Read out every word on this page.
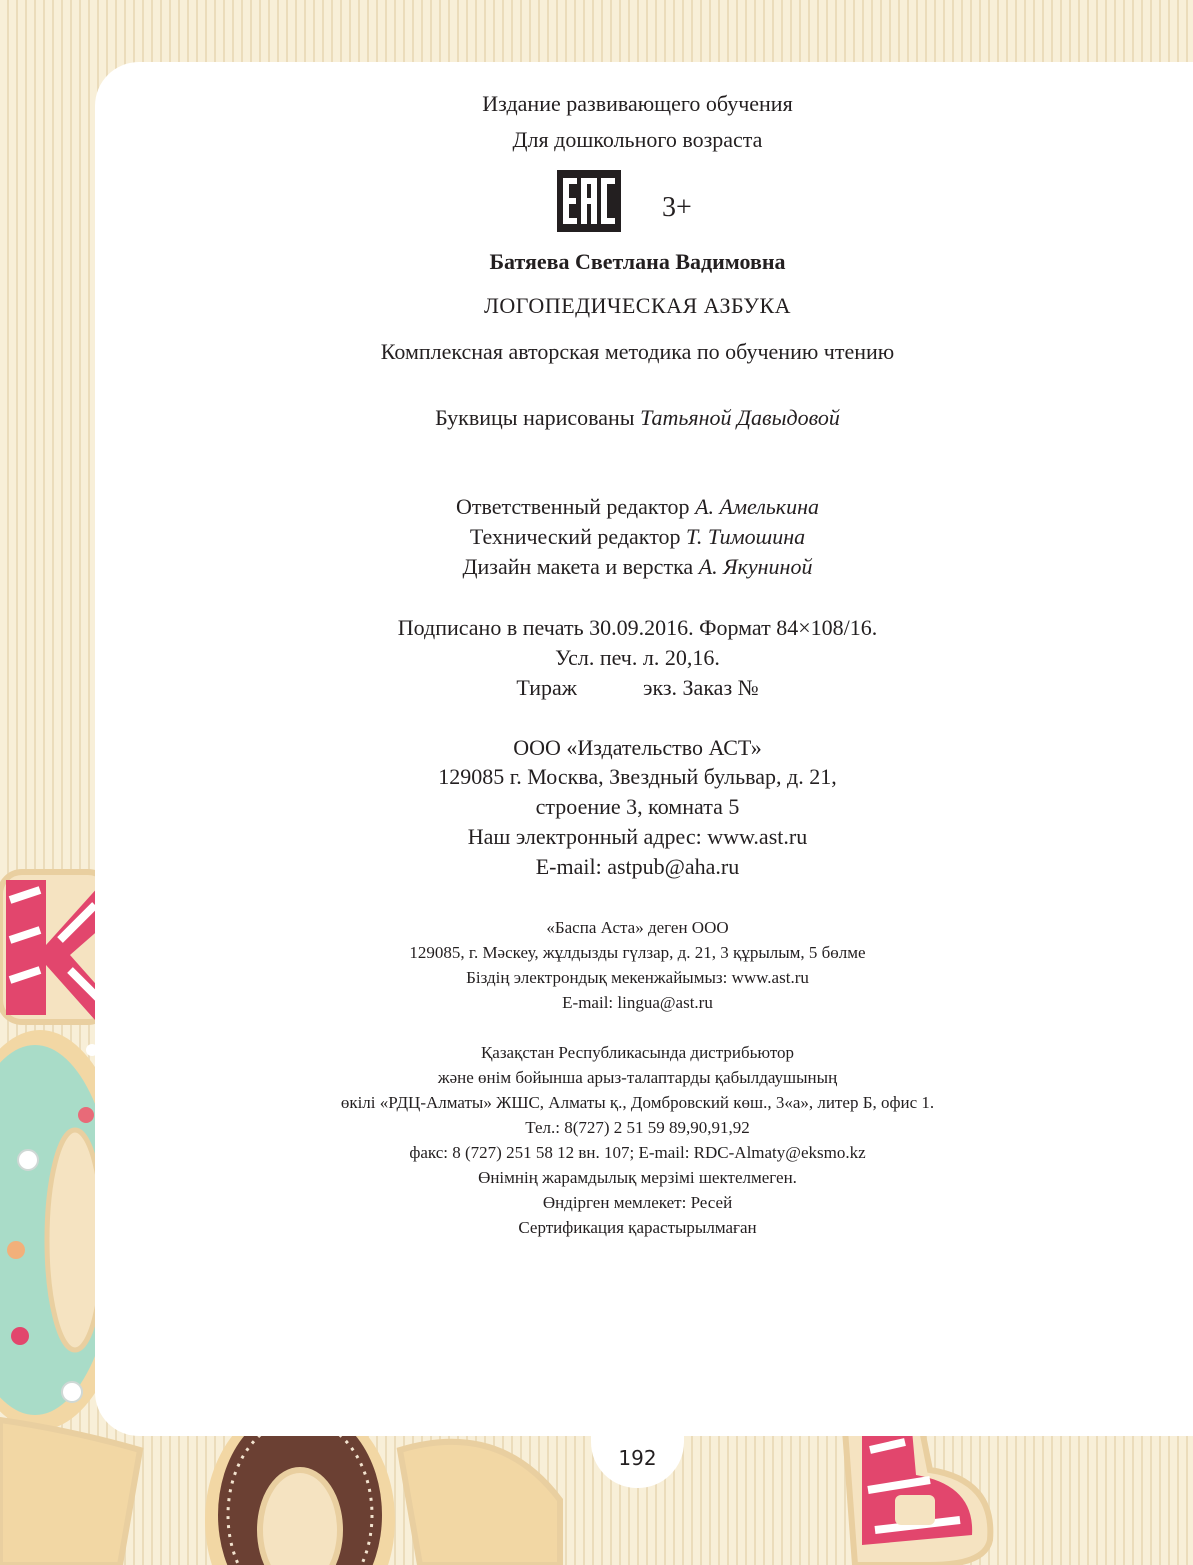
Издание развивающего обучения
Для дошкольного возраста
Батяева Светлана Вадимовна
ЛОГОПЕДИЧЕСКАЯ АЗБУКА
Комплексная авторская методика по обучению чтению
Буквицы нарисованы Татьяной Давыдовой
Ответственный редактор А. Амелькина
Технический редактор Т. Тимошина
Дизайн макета и верстка А. Якуниной
Подписано в печать 30.09.2016. Формат 84×108/16.
Усл. печ. л. 20,16.
Тираж	экз. Заказ №
ООО «Издательство АСТ»
129085 г. Москва, Звездный бульвар, д. 21,
строение 3, комната 5
Наш электронный адрес: www.ast.ru
E-mail: astpub@aha.ru
«Баспа Аста» деген ООО
129085, г. Мәскеу, жұлдызды гүлзар, д. 21, 3 құрылым, 5 бөлме
Біздің электрондық мекенжайымыз: www.ast.ru
E-mail: lingua@ast.ru
Қазақстан Республикасында дистрибьютор
және өнім бойынша арыз-талаптарды қабылдаушының
өкілі «РДЦ-Алматы» ЖШС, Алматы қ., Домбровский көш., 3«а», литер Б, офис 1.
Тел.: 8(727) 2 51 59 89,90,91,92
факс: 8 (727) 251 58 12 вн. 107; E-mail: RDC-Almaty@eksmo.kz
Өнімнің жарамдылық мерзімі шектелмеген.
Өндірген мемлекет: Ресей
Сертификация қарастырылмаған
3+
192
